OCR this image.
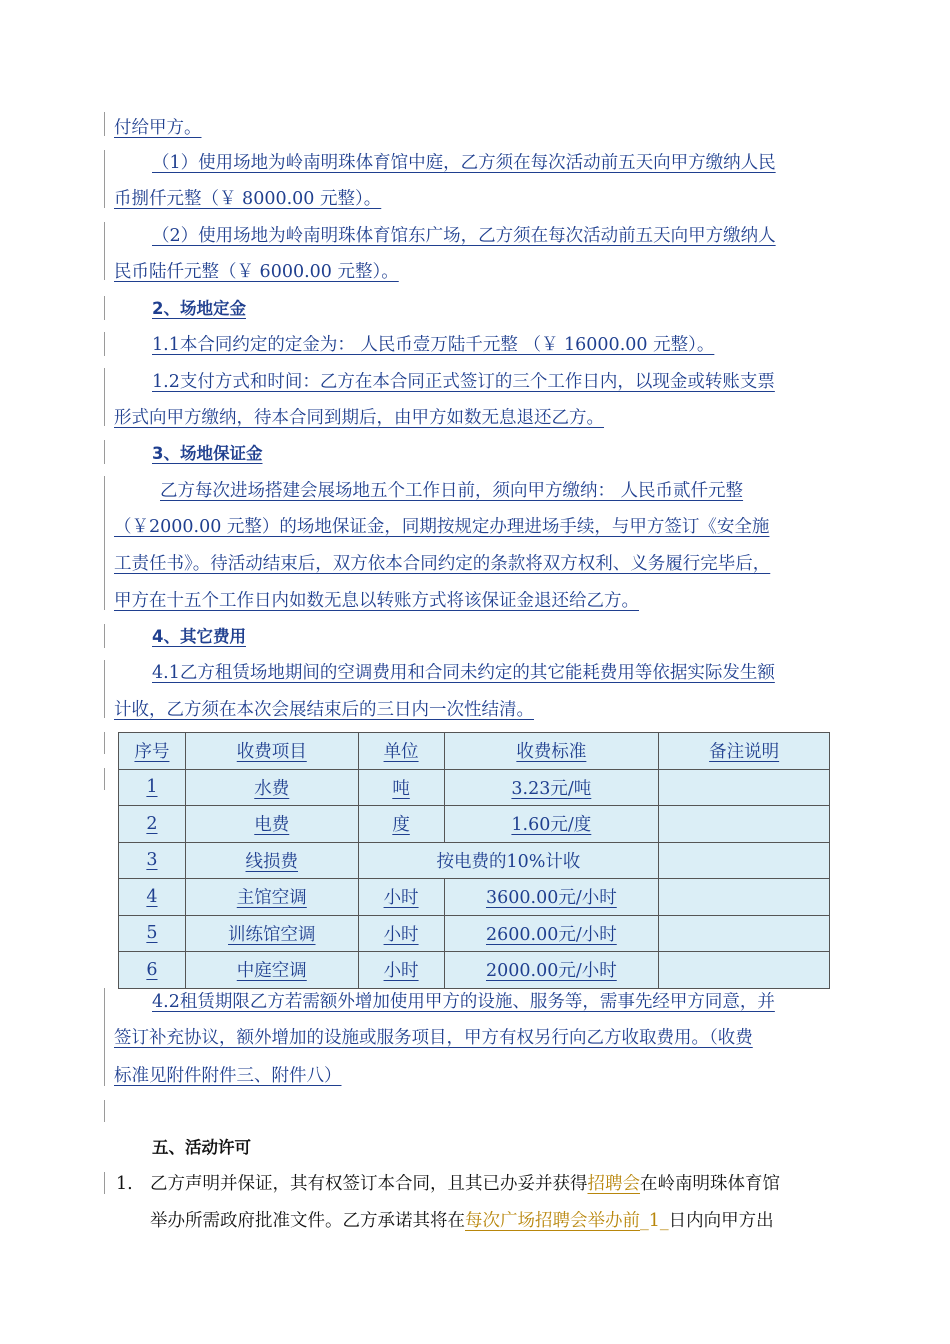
付给甲方。
（1）使用场地为岭南明珠体育馆中庭，乙方须在每次活动前五天向甲方缴纳人民
币捌仟元整（￥ 8000.00 元整）。
（2）使用场地为岭南明珠体育馆东广场，乙方须在每次活动前五天向甲方缴纳人
民币陆仟元整（￥ 6000.00 元整）。
2、场地定金
1.1本合同约定的定金为： 人民币壹万陆千元整 （￥ 16000.00 元整）。
1.2支付方式和时间：乙方在本合同正式签订的三个工作日内，以现金或转账支票
形式向甲方缴纳，待本合同到期后，由甲方如数无息退还乙方。
3、场地保证金
乙方每次进场搭建会展场地五个工作日前，须向甲方缴纳： 人民币贰仟元整
（￥2000.00 元整）的场地保证金，同期按规定办理进场手续，与甲方签订《安全施
工责任书》。待活动结束后，双方依本合同约定的条款将双方权利、义务履行完毕后，
甲方在十五个工作日内如数无息以转账方式将该保证金退还给乙方。
4、其它费用
4.1乙方租赁场地期间的空调费用和合同未约定的其它能耗费用等依据实际发生额
计收，乙方须在本次会展结束后的三日内一次性结清。
序号	收费项目	单位	收费标准	备注说明
1	水费	吨	3.23元/吨	
2	电费	度	1.60元/度	
3	线损费	按电费的10%计收		
4	主馆空调	小时	3600.00元/小时	
5	训练馆空调	小时	2600.00元/小时	
6	中庭空调	小时	2000.00元/小时	
4.2租赁期限乙方若需额外增加使用甲方的设施、服务等，需事先经甲方同意，并
签订补充协议，额外增加的设施或服务项目，甲方有权另行向乙方收取费用。（收费
标准见附件附件三、附件八）
五、活动许可
1. 乙方声明并保证，其有权签订本合同，且其已办妥并获得招聘会在岭南明珠体育馆
举办所需政府批准文件。乙方承诺其将在每次广场招聘会举办前_1_日内向甲方出
